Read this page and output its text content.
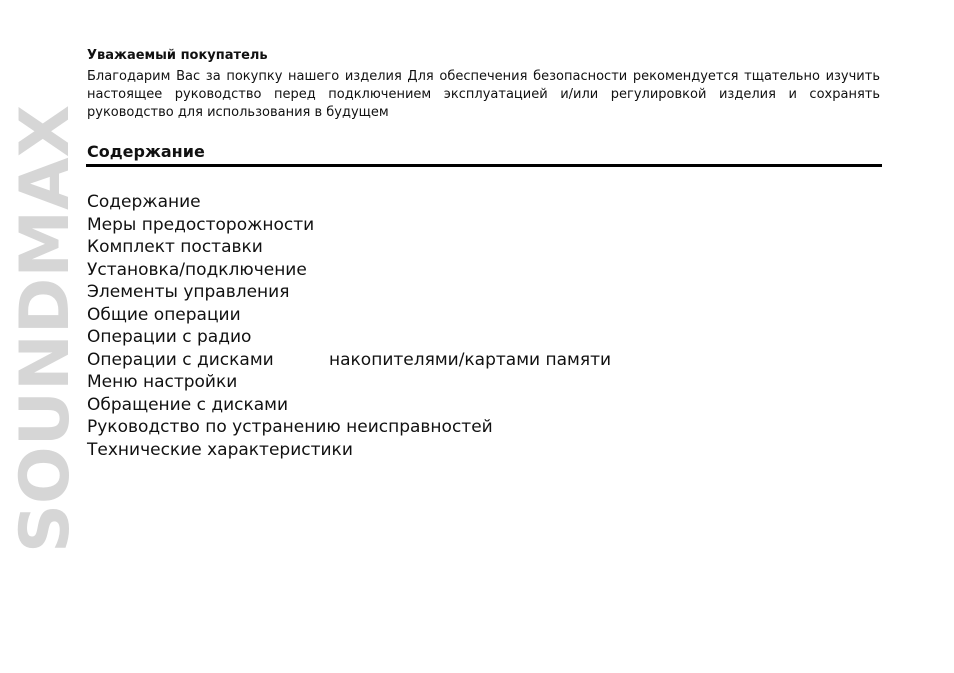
SOUNDMAX

Уважаемый покупатель

Благодарим Вас за покупку нашего изделия Для обеспечения безопасности рекомендуется тщательно изучить настоящее руководство перед подключением эксплуатацией и/или регулировкой изделия и сохранять руководство для использования в будущем

Содержание
Содержание
Меры предосторожности
Комплект поставки
Установка/подключение
Элементы управления
Общие операции
Операции с радио
Операции с дисками	накопителями/картами памяти
Меню настройки
Обращение с дисками
Руководство по устранению неисправностей
Технические характеристики
